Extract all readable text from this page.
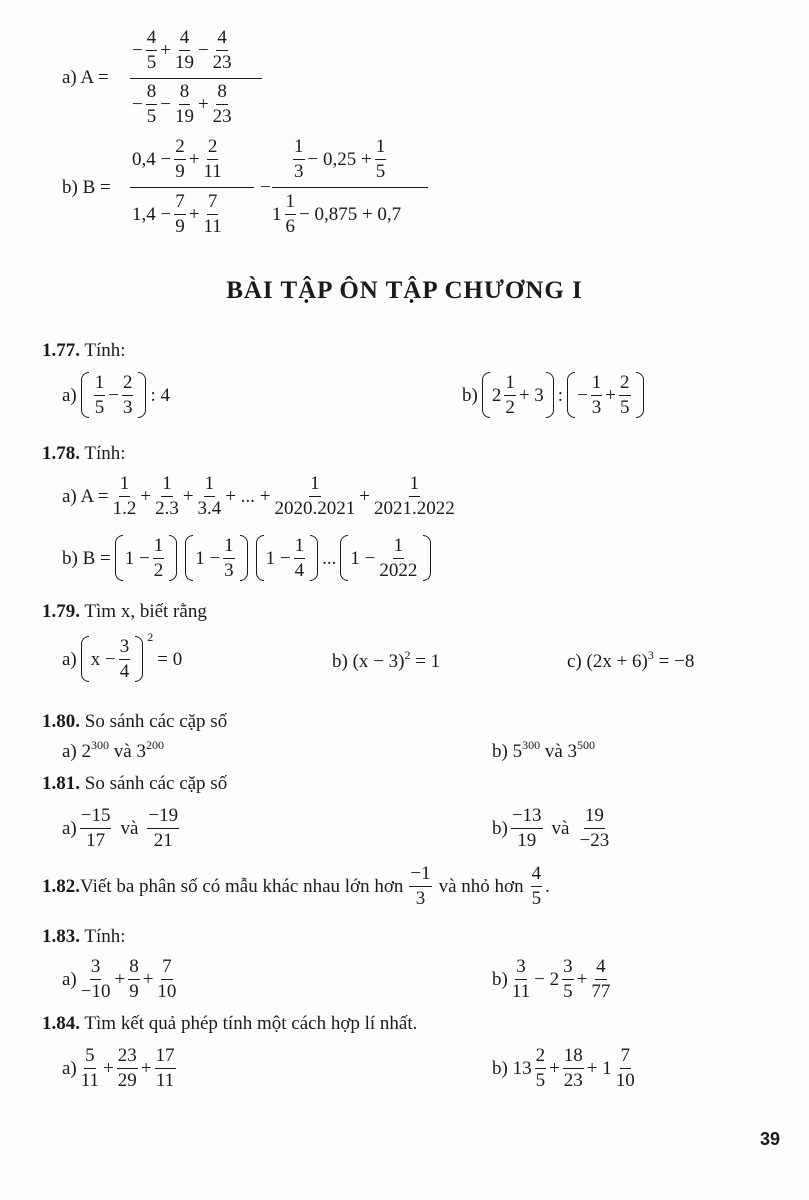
a) A =
− $\frac{4}{5} + \frac{4}{19} - \frac{4}{23}$
− $\frac{8}{5} - \frac{8}{19} + \frac{8}{23}$
b) B =
$0,4 - \frac{2}{9} + \frac{2}{11}$
$1,4 - \frac{7}{9} + \frac{7}{11}$
−
1
3
− $0,25 + \frac{1}{5}$
1
1
6
− 0,875 + 0,7
BÀI TẬP ÔN TẬP CHƯƠNG I
1.77. Tính:
a)
1
5
− $\frac{2}{3}$ : 4	b) 2
1
2
+ 3 : − $\frac{1}{3} + \frac{2}{5}$
1.78. Tính:
a) $A = \frac{1}{1.2} + \frac{1}{2.3} + \frac{1}{3.4}$ + ... + $\frac{1}{2020.2021} + \frac{1}{2021.2022}$
b) $B = 1 - \frac{1}{2} 1 - \frac{1}{3} 1 - \frac{1}{4}$ ... $1 - \frac{1}{2022}$
1.79. Tìm x, biết rằng
a) $x - \frac{3}{4} 2$
= 0	b) $(x - 3)^2 = 1$	c) $(2x + 6)^3 = -8$
1.80. So sánh các cặp số
a) $2^{300}$ và $3^{200}$	b) $5^{300}$ và $3^{500}$
1.81. So sánh các cặp số
a)
−15
17
và
−19
21
b)
−13
19
và
19
−23
1.82. Viết ba phân số có mẫu khác nhau lớn hơn
−1
3
và nhỏ hơn
4
5
.
1.83. Tính:
a)
3
−10
+ $\frac{8}{9} + \frac{7}{10}$	b)
3
11
− 2
3
5
+ $\frac{4}{77}$
1.84. Tìm kết quả phép tính một cách hợp lí nhất.
a)
5
11
+ $\frac{23}{29} + \frac{17}{11}$	b) 13
2
5
+ $\frac{18}{23} + 1$
7
10
39
